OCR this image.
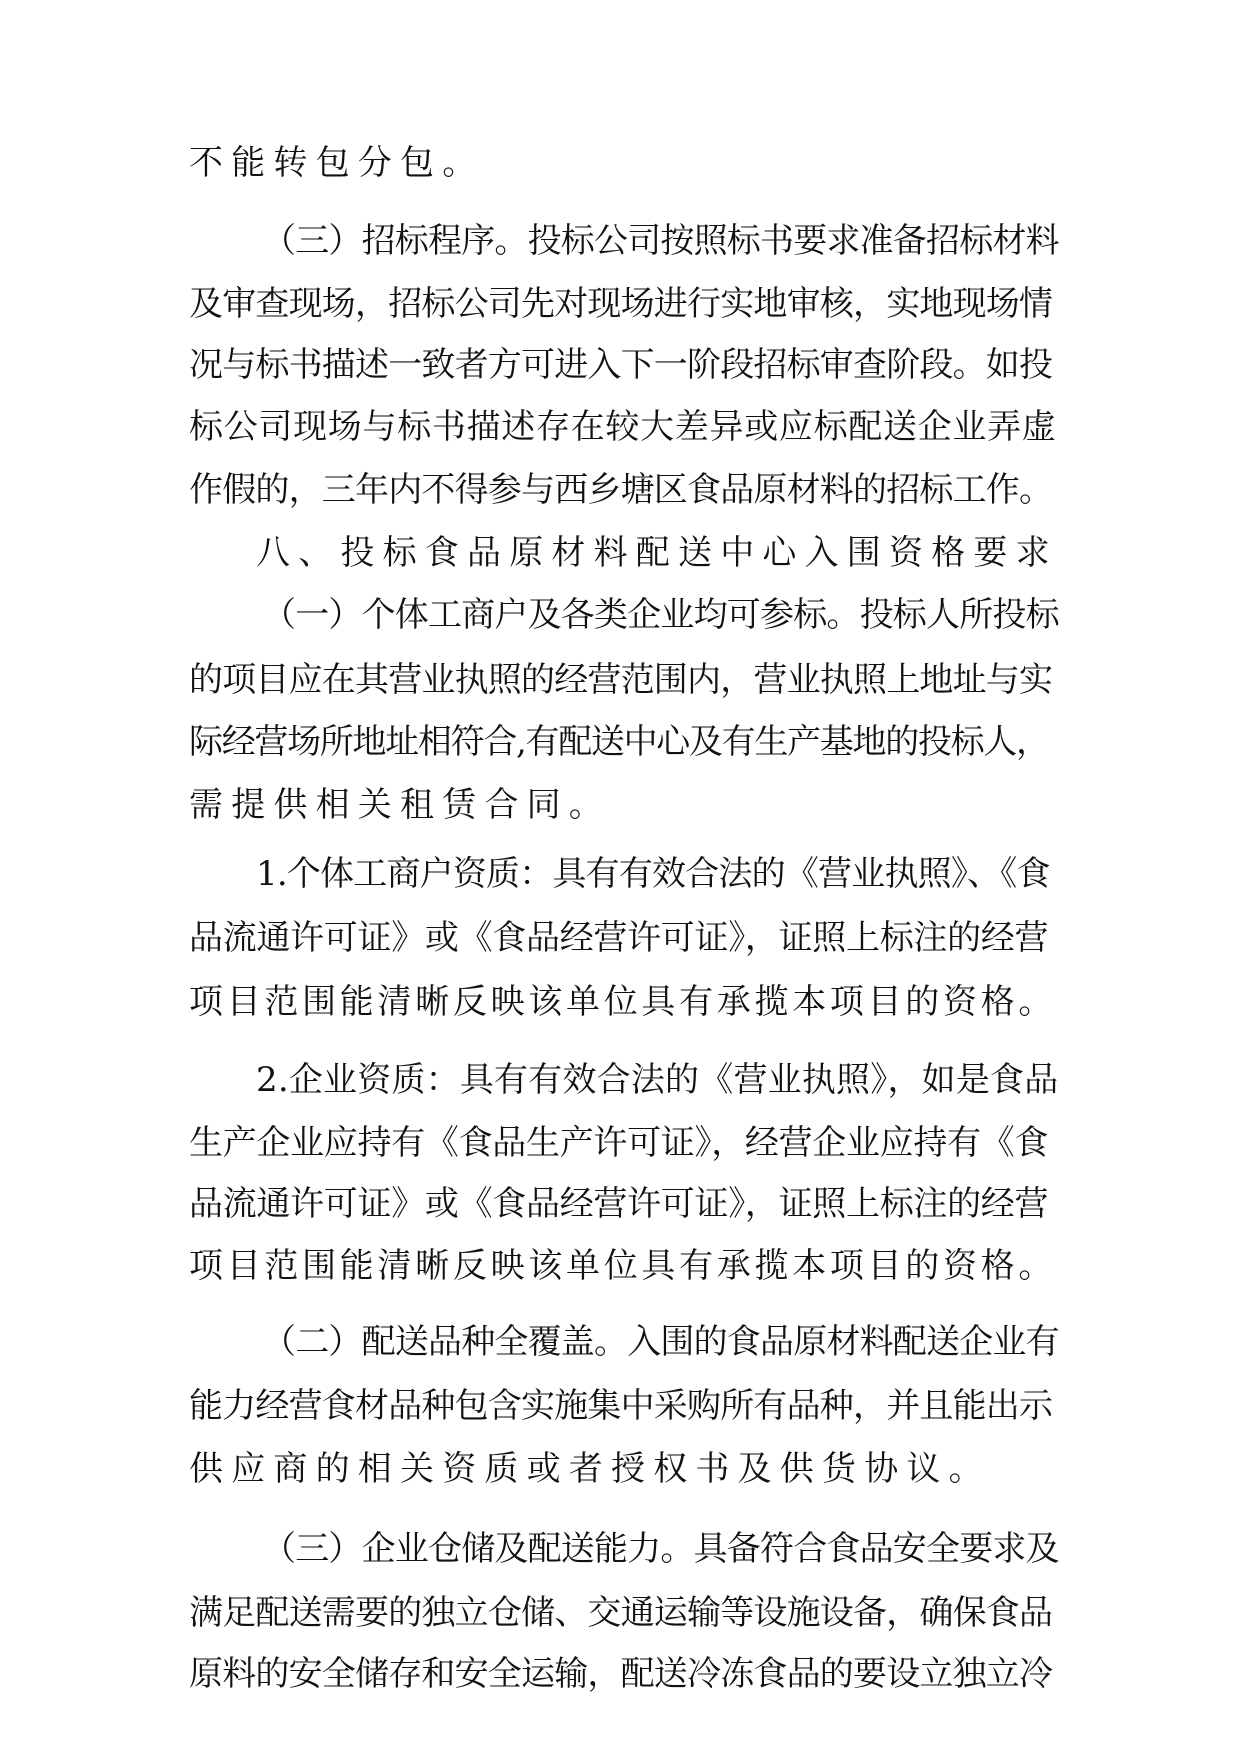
不能转包分包。
（三）招标程序。投标公司按照标书要求准备招标材料
及审查现场，招标公司先对现场进行实地审核，实地现场情
况与标书描述一致者方可进入下一阶段招标审查阶段。如投
标公司现场与标书描述存在较大差异或应标配送企业弄虚
作假的，三年内不得参与西乡塘区食品原材料的招标工作。
八、投标食品原材料配送中心入围资格要求
（一）个体工商户及各类企业均可参标。投标人所投标
的项目应在其营业执照的经营范围内，营业执照上地址与实
际经营场所地址相符合,有配送中心及有生产基地的投标人，
需提供相关租赁合同。
1.个体工商户资质：具有有效合法的《营业执照》、《食
品流通许可证》或《食品经营许可证》，证照上标注的经营
项目范围能清晰反映该单位具有承揽本项目的资格。
2.企业资质：具有有效合法的《营业执照》，如是食品
生产企业应持有《食品生产许可证》，经营企业应持有《食
品流通许可证》或《食品经营许可证》，证照上标注的经营
项目范围能清晰反映该单位具有承揽本项目的资格。
（二）配送品种全覆盖。入围的食品原材料配送企业有
能力经营食材品种包含实施集中采购所有品种，并且能出示
供应商的相关资质或者授权书及供货协议。
（三）企业仓储及配送能力。具备符合食品安全要求及
满足配送需要的独立仓储、交通运输等设施设备，确保食品
原料的安全储存和安全运输，配送冷冻食品的要设立独立冷
